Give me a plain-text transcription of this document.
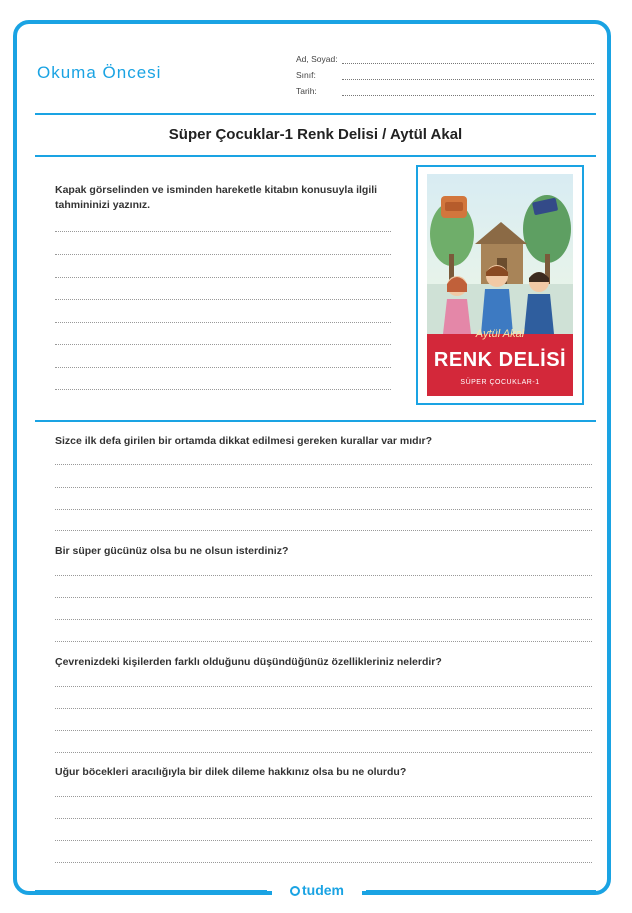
Okuma Öncesi
Ad, Soyad:
Sınıf:
Tarih:
Süper Çocuklar-1 Renk Delisi / Aytül Akal
Kapak görselinden ve isminden hareketle kitabın konusuyla ilgili tahmininizi yazınız.
Aytül Akal
RENK DELİSİ
SÜPER ÇOCUKLAR-1
Sizce ilk defa girilen bir ortamda dikkat edilmesi gereken kurallar var mıdır?
Bir süper gücünüz olsa bu ne olsun isterdiniz?
Çevrenizdeki kişilerden farklı olduğunu düşündüğünüz özellikleriniz nelerdir?
Uğur böcekleri aracılığıyla bir dilek dileme hakkınız olsa bu ne olurdu?
tudem
